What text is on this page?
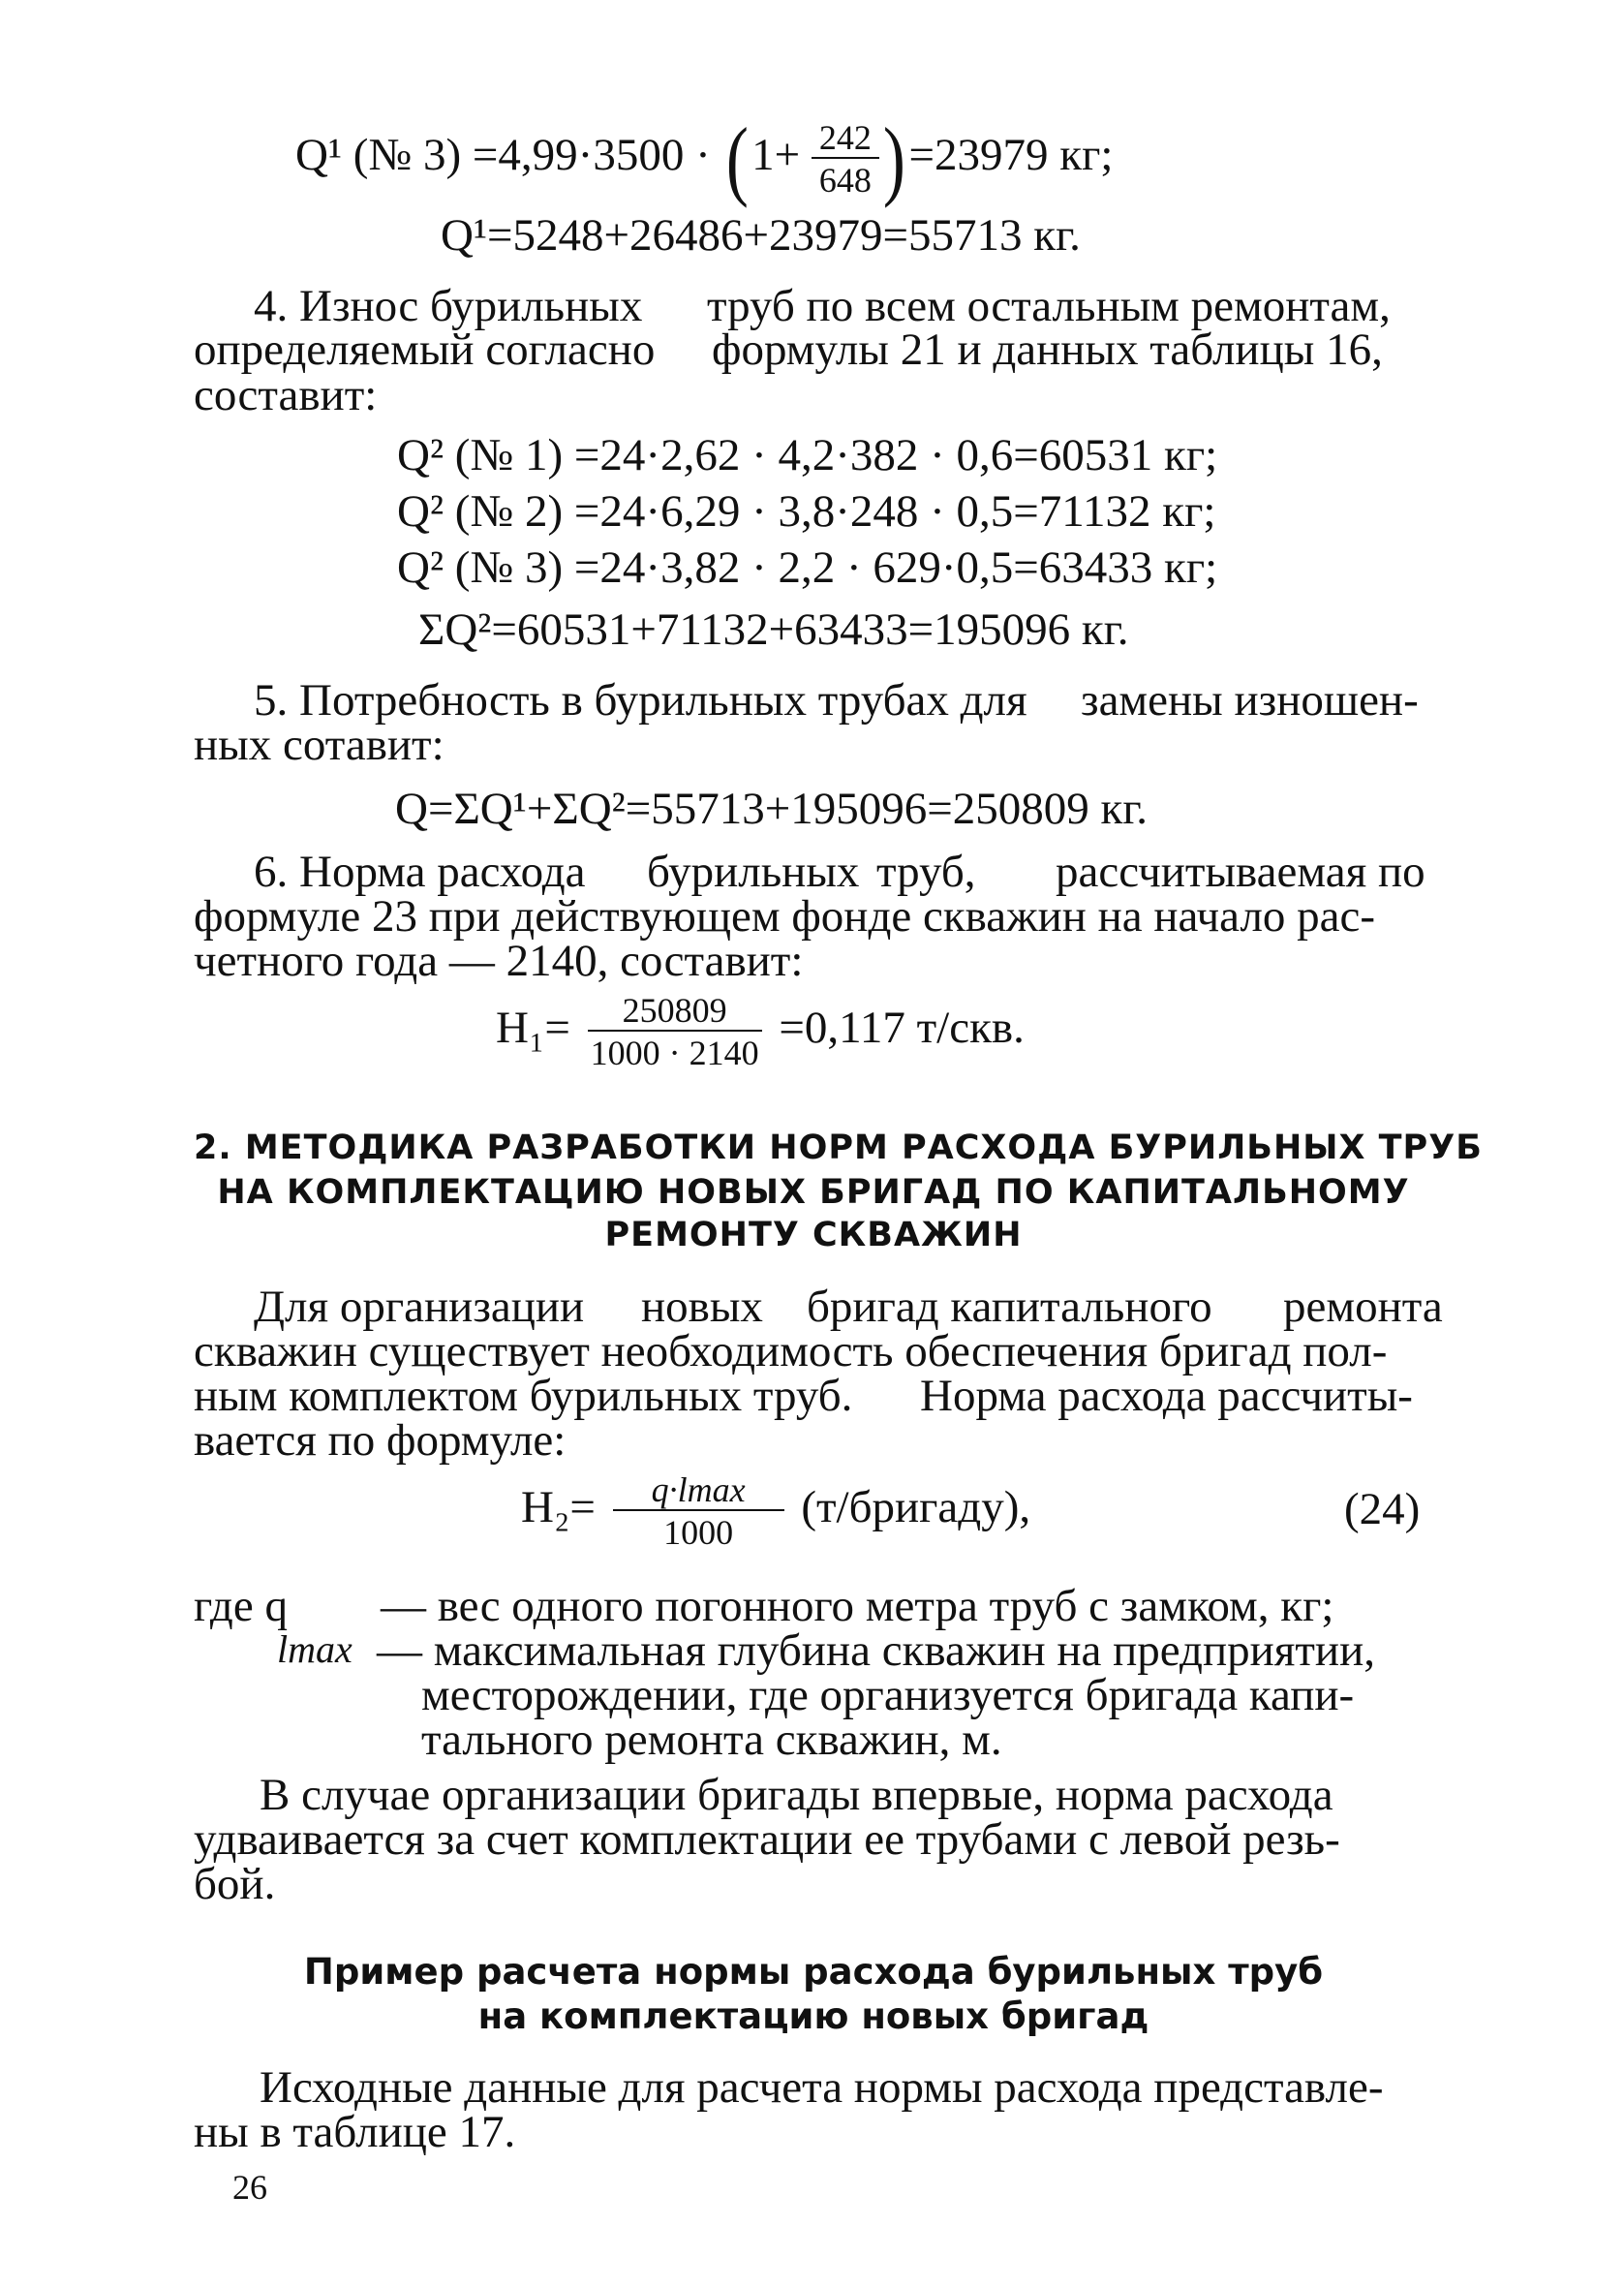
Q¹ (№ $3) =4,99\cdot 3500 \cdot (1+ \frac{242}{648} )=23979$ кг;
Q¹=5248+26486+23979=55713 кг.
4. Износ бурильных труб по всем остальным ремонтам,
определяемый согласно формулы 21 и данных таблицы 16,
составит:
Q² (№ 1) =24·2,62 · 4,2·382 · 0,6=60531 кг;
Q² (№ 2) =24·6,29 · 3,8·248 · 0,5=71132 кг;
Q² (№ 3) =24·3,82 · 2,2 · 629·0,5=63433 кг;
ΣQ²=60531+71132+63433=195096 кг.
5. Потребность в бурильных трубах для замены изношен-
ных сотавит:
Q=ΣQ¹+ΣQ²=55713+195096=250809 кг.
6. Норма расхода бурильных труб, рассчитываемая по
формуле 23 при действующем фонде скважин на начало рас-
четного года — 2140, составит:
$Н_1= \frac{250809}{1000 \cdot 2140} =0,117$ т/скв.
2. МЕТОДИКА РАЗРАБОТКИ НОРМ РАСХОДА БУРИЛЬНЫХ ТРУБ
НА КОМПЛЕКТАЦИЮ НОВЫХ БРИГАД ПО КАПИТАЛЬНОМУ
РЕМОНТУ СКВАЖИН
Для организации новых бригад капитального ремонта
скважин существует необходимость обеспечения бригад пол-
ным комплектом бурильных труб. Норма расхода рассчиты-
вается по формуле:
$Н_2= \frac{q\cdot lmax}{1000}$ (т/бригаду),	(24)
где q — вес одного погонного метра труб с замком, кг;
lmax — максимальная глубина скважин на предприятии,
месторождении, где организуется бригада капи-
тального ремонта скважин, м.
В случае организации бригады впервые, норма расхода
удваивается за счет комплектации ее трубами с левой резь-
бой.
Пример расчета нормы расхода бурильных труб
на комплектацию новых бригад
Исходные данные для расчета нормы расхода представле-
ны в таблице 17.
26
